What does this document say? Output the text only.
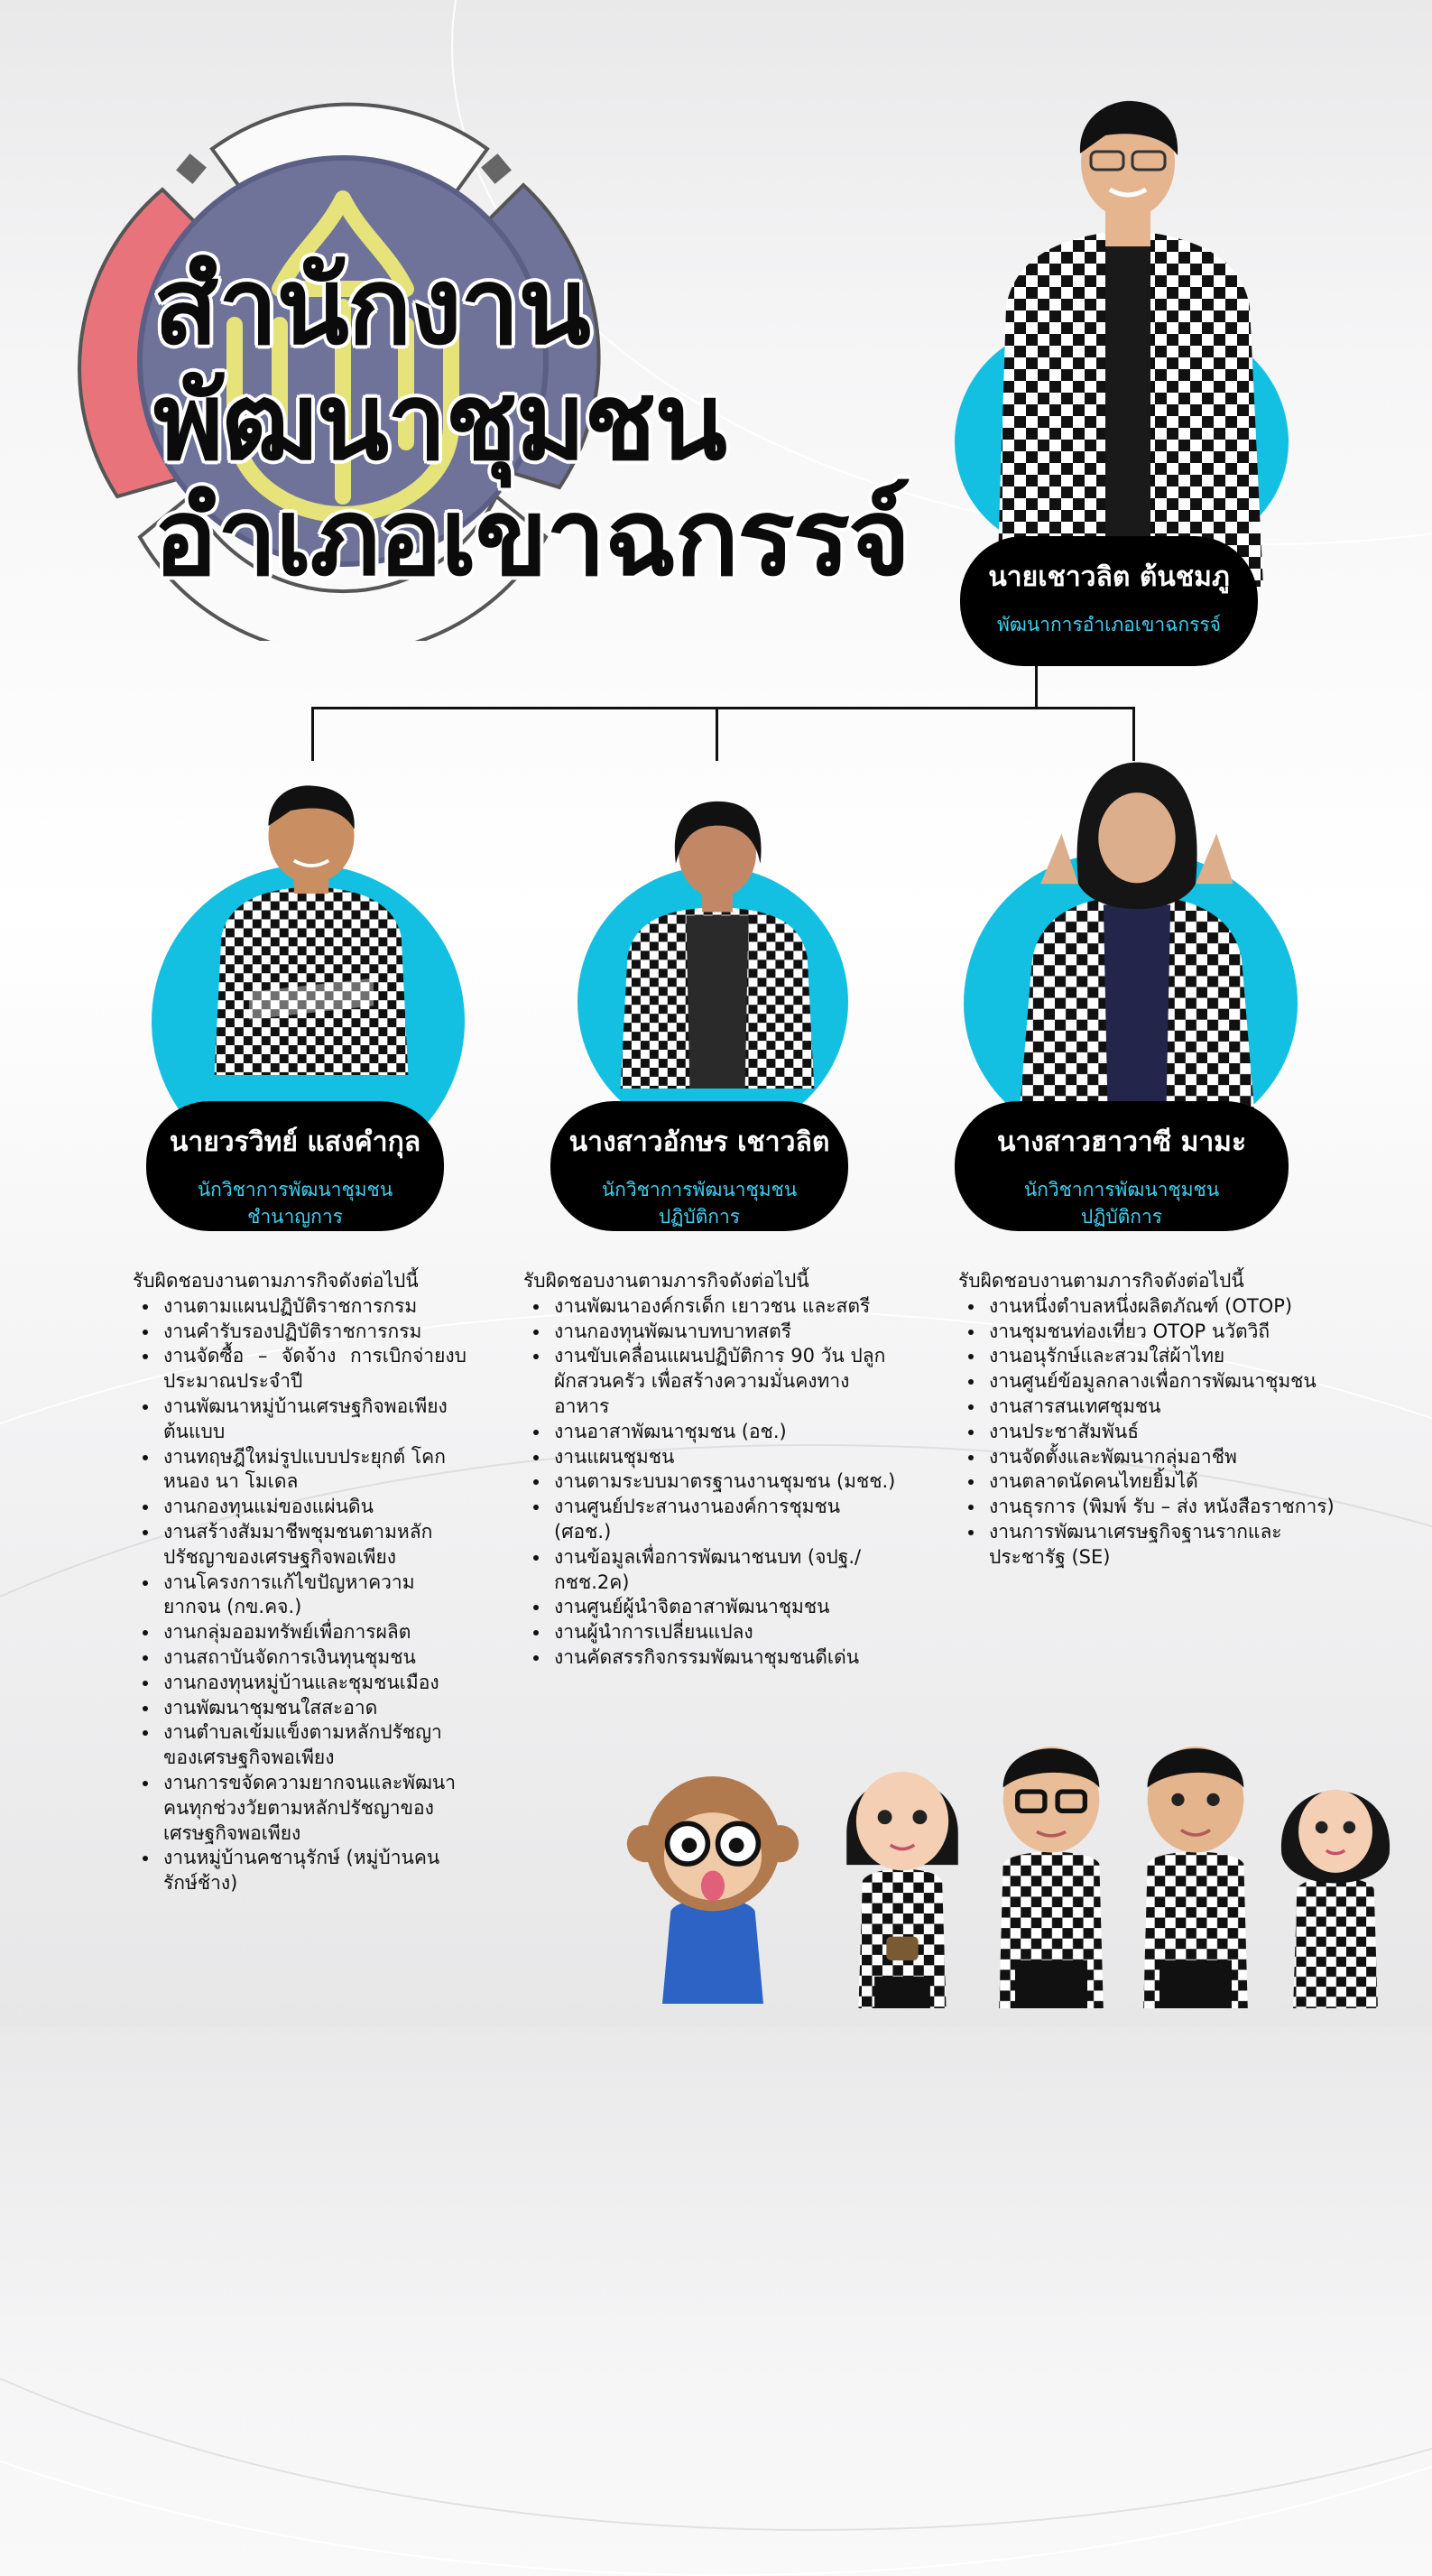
สำนักงาน
พัฒนาชุมชน
อำเภอเขาฉกรรจ์	นายเชาวลิต ต้นชมภู
พัฒนาการอำเภอเขาฉกรรจ์
นายวรวิทย์ แสงคำกุล
นักวิชาการพัฒนาชุมชน
ชำนาญการ
รับผิดชอบงานตามภารกิจดังต่อไปนี้
• งานตามแผนปฏิบัติราชการกรม
• งานคำรับรองปฏิบัติราชการกรม
• งานจัดซื้อ – จัดจ้าง การเบิกจ่ายงบประมาณประจำปี
• งานพัฒนาหมู่บ้านเศรษฐกิจพอเพียงต้นแบบ
• งานทฤษฎีใหม่รูปแบบประยุกต์ โคก หนอง นา โมเดล
• งานกองทุนแม่ของแผ่นดิน
• งานสร้างสัมมาชีพชุมชนตามหลักปรัชญาของเศรษฐกิจพอเพียง
• งานโครงการแก้ไขปัญหาความยากจน (กข.คจ.)
• งานกลุ่มออมทรัพย์เพื่อการผลิต
• งานสถาบันจัดการเงินทุนชุมชน
• งานกองทุนหมู่บ้านและชุมชนเมือง
• งานพัฒนาชุมชนใสสะอาด
• งานตำบลเข้มแข็งตามหลักปรัชญาของเศรษฐกิจพอเพียง
• งานการขจัดความยากจนและพัฒนาคนทุกช่วงวัยตามหลักปรัชญาของเศรษฐกิจพอเพียง
• งานหมู่บ้านคชานุรักษ์ (หมู่บ้านคนรักษ์ช้าง)
นางสาวอักษร เชาวลิต
นักวิชาการพัฒนาชุมชน
ปฏิบัติการ
รับผิดชอบงานตามภารกิจดังต่อไปนี้
• งานพัฒนาองค์กรเด็ก เยาวชน และสตรี
• งานกองทุนพัฒนาบทบาทสตรี
• งานขับเคลื่อนแผนปฏิบัติการ 90 วัน ปลูกผักสวนครัว เพื่อสร้างความมั่นคงทางอาหาร
• งานอาสาพัฒนาชุมชน (อช.)
• งานแผนชุมชน
• งานตามระบบมาตรฐานงานชุมชน (มชช.)
• งานศูนย์ประสานงานองค์การชุมชน (ศอช.)
• งานข้อมูลเพื่อการพัฒนาชนบท (จปฐ./กชช.2ค)
• งานศูนย์ผู้นำจิตอาสาพัฒนาชุมชน
• งานผู้นำการเปลี่ยนแปลง
• งานคัดสรรกิจกรรมพัฒนาชุมชนดีเด่น
นางสาวฮาวาซี มามะ
นักวิชาการพัฒนาชุมชน
ปฏิบัติการ
รับผิดชอบงานตามภารกิจดังต่อไปนี้
• งานหนึ่งตำบลหนึ่งผลิตภัณฑ์ (OTOP)
• งานชุมชนท่องเที่ยว OTOP นวัตวิถี
• งานอนุรักษ์และสวมใส่ผ้าไทย
• งานศูนย์ข้อมูลกลางเพื่อการพัฒนาชุมชน
• งานสารสนเทศชุมชน
• งานประชาสัมพันธ์
• งานจัดตั้งและพัฒนากลุ่มอาชีพ
• งานตลาดนัดคนไทยยิ้มได้
• งานธุรการ (พิมพ์ รับ – ส่ง หนังสือราชการ)
• งานการพัฒนาเศรษฐกิจฐานรากและประชารัฐ (SE)
